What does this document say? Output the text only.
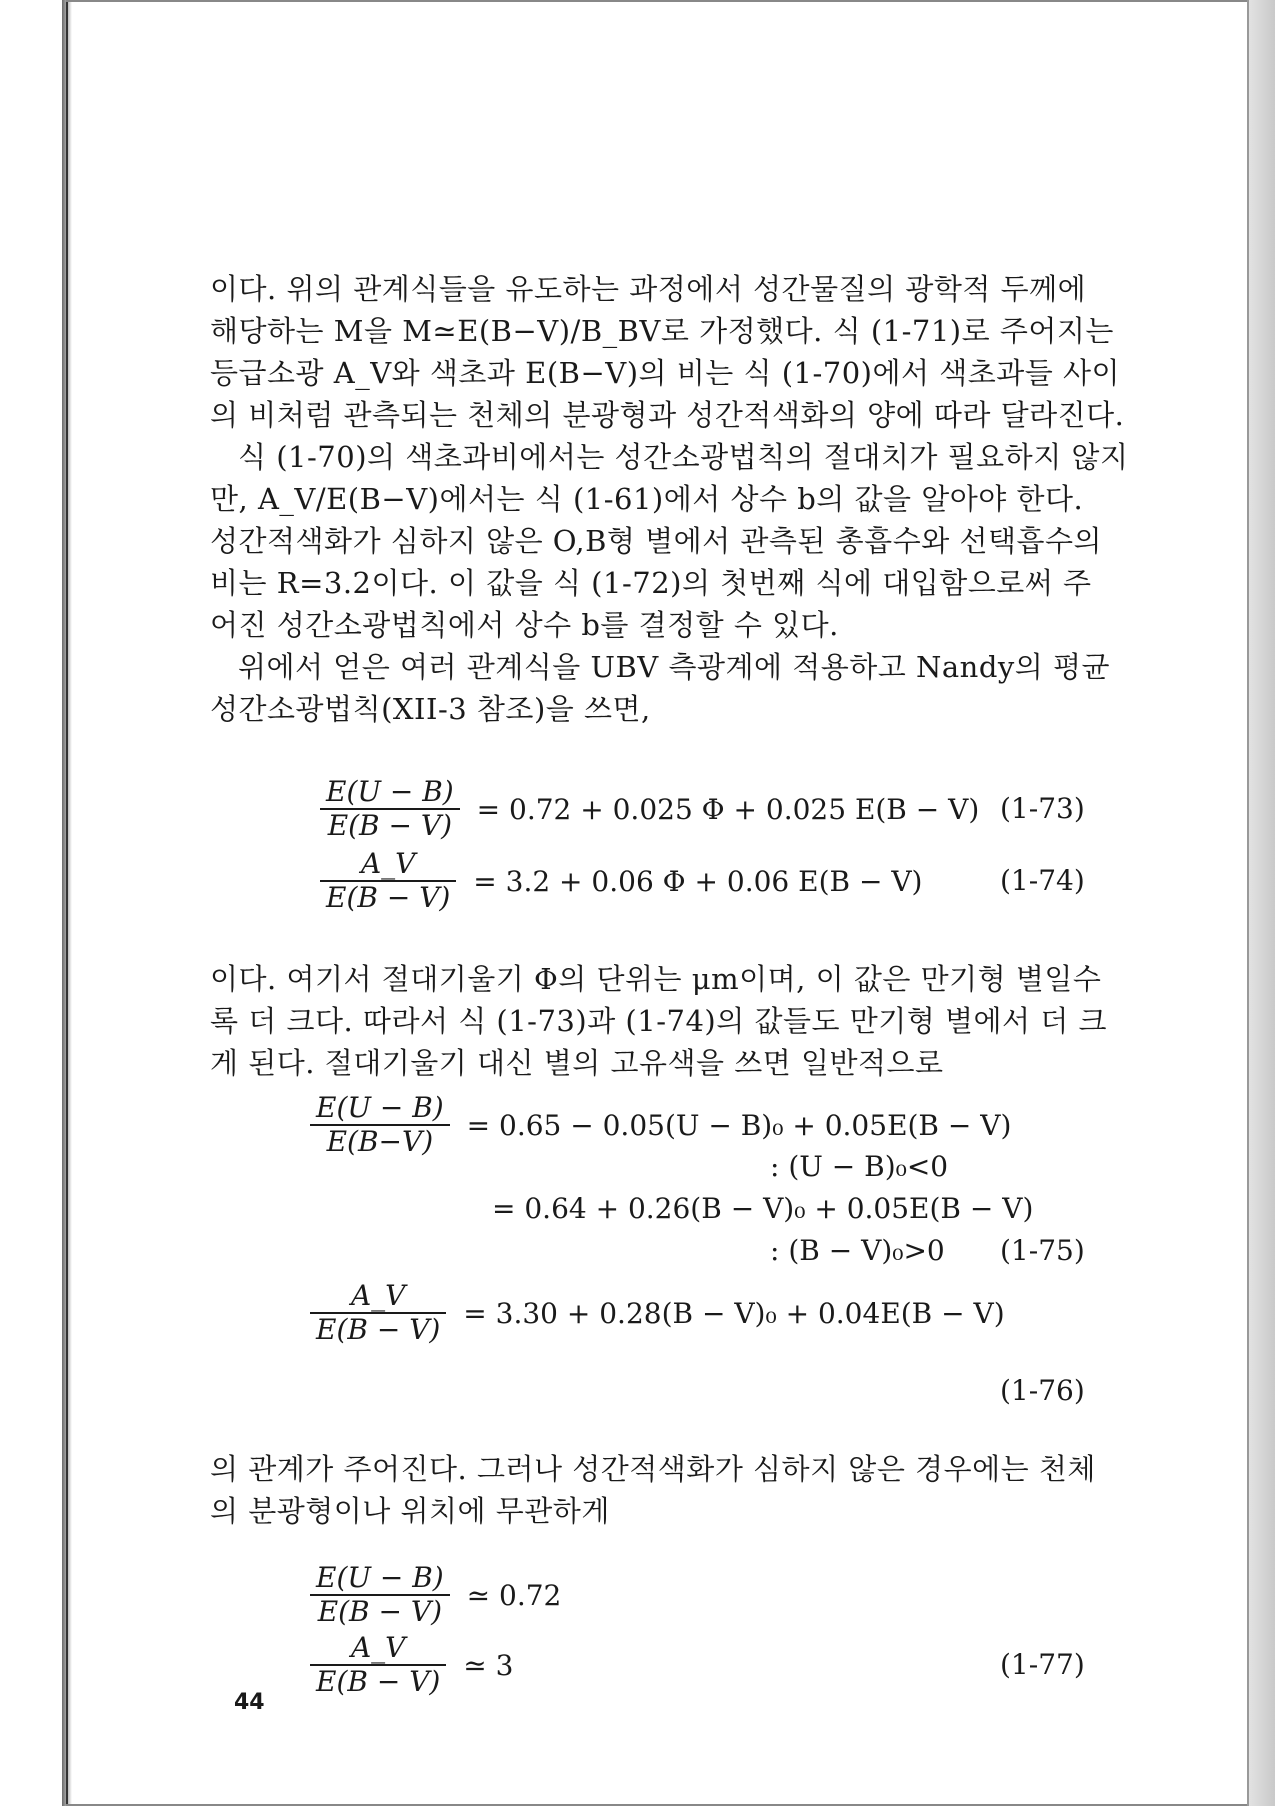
이다. 위의 관계식들을 유도하는 과정에서 성간물질의 광학적 두께에
해당하는 M을 M≃E(B−V)/B_BV로 가정했다. 식 (1-71)로 주어지는
등급소광 A_V와 색초과 E(B−V)의 비는 식 (1-70)에서 색초과들 사이
의 비처럼 관측되는 천체의 분광형과 성간적색화의 양에 따라 달라진다.

식 (1-70)의 색초과비에서는 성간소광법칙의 절대치가 필요하지 않지
만, A_V/E(B−V)에서는 식 (1-61)에서 상수 b의 값을 알아야 한다.
성간적색화가 심하지 않은 O,B형 별에서 관측된 총흡수와 선택흡수의
비는 R=3.2이다. 이 값을 식 (1-72)의 첫번째 식에 대입함으로써 주
어진 성간소광법칙에서 상수 b를 결정할 수 있다.

위에서 얻은 여러 관계식을 UBV 측광계에 적용하고 Nandy의 평균
성간소광법칙(XII-3 참조)을 쓰면,

$\frac{E(U - B)}{E(B - V)} = 0.72 + 0.025$ Φ + 0.025 E(B − V) (1-73)
$\frac{A\_V}{E(B - V)} = 3.2 + 0.06$ Φ + 0.06 E(B − V)	(1-74)

이다. 여기서 절대기울기 Φ의 단위는 μm이며, 이 값은 만기형 별일수
록 더 크다. 따라서 식 (1-73)과 (1-74)의 값들도 만기형 별에서 더 크
게 된다. 절대기울기 대신 별의 고유색을 쓰면 일반적으로

$\frac{E(U - B)}{E(B-V)} = 0.65 - 0.05(U - B)_0 + 0.05E(B - V)$
: (U − B)₀<0
= 0.64 + 0.26(B − V)₀ + 0.05E(B − V)
: (B − V)₀>0 (1-75)
$\frac{A\_V}{E(B - V)} = 3.30 + 0.28(B - V)_0 + 0.04E(B - V)$
(1-76)

의 관계가 주어진다. 그러나 성간적색화가 심하지 않은 경우에는 천체
의 분광형이나 위치에 무관하게

$\frac{E(U - B)}{E(B - V)}$ ≃ 0.72
$\frac{A\_V}{E(B - V)}$ ≃ 3	(1-77)
44
